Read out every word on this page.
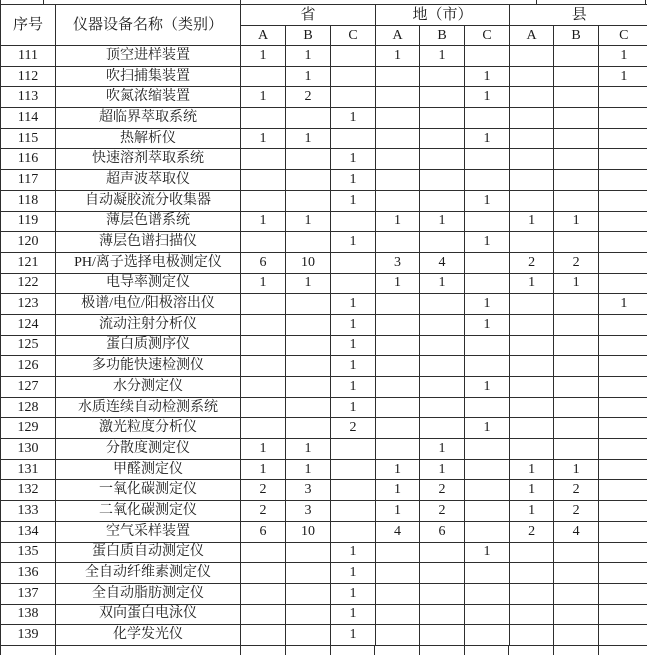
序号	仪器设备名称（类别）	省			地（市）			县		
		A	B	C	A	B	C	A	B	C
111	顶空进样装置	1	1		1	1				1
112	吹扫捕集装置		1				1			1
113	吹氮浓缩装置	1	2				1			
114	超临界萃取系统			1						
115	热解析仪	1	1				1			
116	快速溶剂萃取系统			1						
117	超声波萃取仪			1						
118	自动凝胶流分收集器			1			1			
119	薄层色谱系统	1	1		1	1		1	1	
120	薄层色谱扫描仪			1			1			
121	PH/离子选择电极测定仪	6	10		3	4		2	2	
122	电导率测定仪	1	1		1	1		1	1	
123	极谱/电位/阳极溶出仪			1			1			1
124	流动注射分析仪			1			1			
125	蛋白质测序仪			1						
126	多功能快速检测仪			1						
127	水分测定仪			1			1			
128	水质连续自动检测系统			1						
129	激光粒度分析仪			2			1			
130	分散度测定仪	1	1			1				
131	甲醛测定仪	1	1		1	1		1	1	
132	一氧化碳测定仪	2	3		1	2		1	2	
133	二氧化碳测定仪	2	3		1	2		1	2	
134	空气采样装置	6	10		4	6		2	4	
135	蛋白质自动测定仪			1			1			
136	全自动纤维素测定仪			1						
137	全自动脂肪测定仪			1						
138	双向蛋白电泳仪			1						
139	化学发光仪			1						
